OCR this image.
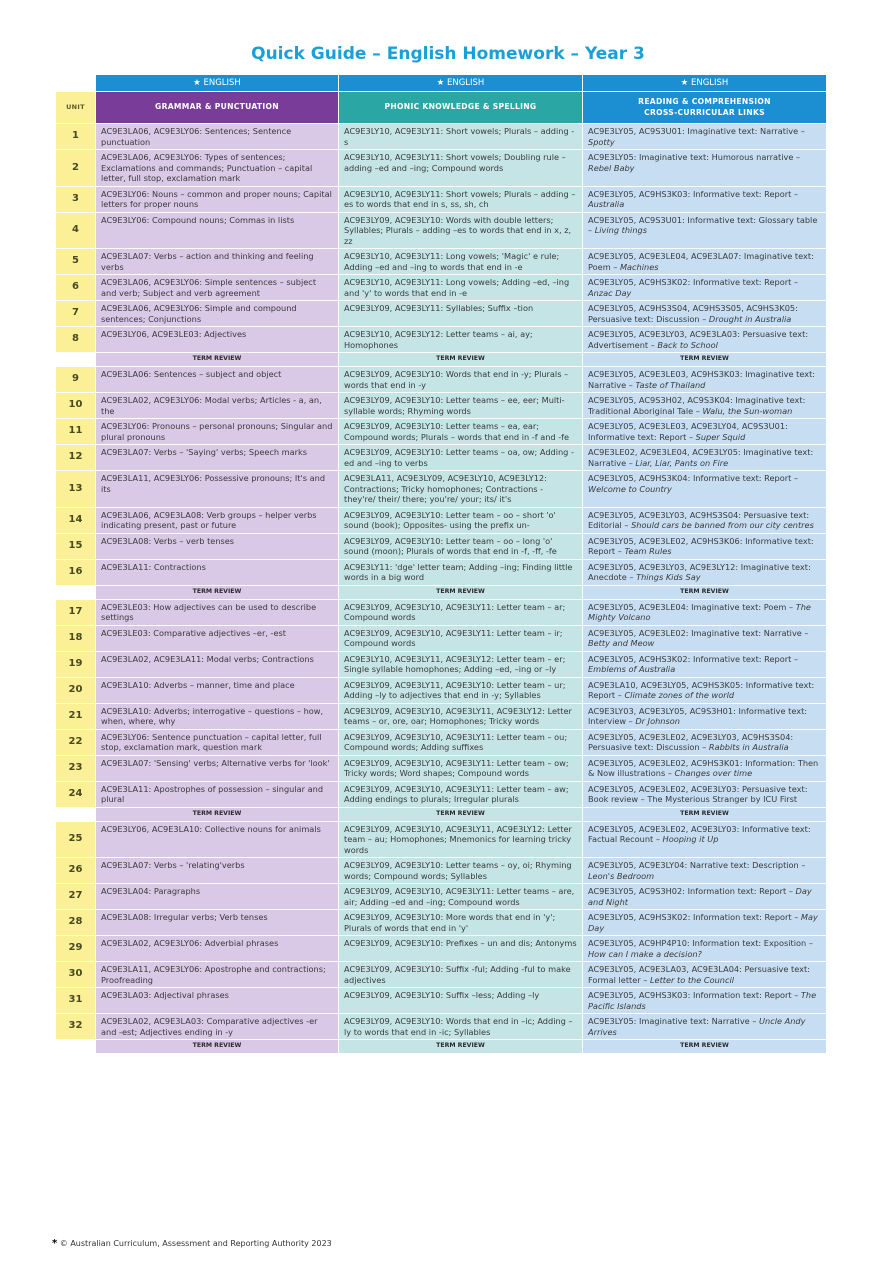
Quick Guide – English Homework – Year 3
	★ ENGLISH	★ ENGLISH	★ ENGLISH
UNIT	GRAMMAR & PUNCTUATION	PHONIC KNOWLEDGE & SPELLING	READING & COMPREHENSION
CROSS-CURRICULAR LINKS
1	AC9E3LA06, AC9E3LY06: Sentences; Sentence punctuation	AC9E3LY10, AC9E3LY11: Short vowels; Plurals – adding -s	AC9E3LY05, AC9S3U01: Imaginative text: Narrative – Spotty
2	AC9E3LA06, AC9E3LY06: Types of sentences; Exclamations and commands; Punctuation – capital letter, full stop, exclamation mark	AC9E3LY10, AC9E3LY11: Short vowels; Doubling rule – adding –ed and –ing; Compound words	AC9E3LY05: Imaginative text: Humorous narrative – Rebel Baby
3	AC9E3LY06: Nouns – common and proper nouns; Capital letters for proper nouns	AC9E3LY10, AC9E3LY11: Short vowels; Plurals – adding –es to words that end in s, ss, sh, ch	AC9E3LY05, AC9HS3K03: Informative text: Report – Australia
4	AC9E3LY06: Compound nouns; Commas in lists	AC9E3LY09, AC9E3LY10: Words with double letters; Syllables; Plurals – adding –es to words that end in x, z, zz	AC9E3LY05, AC9S3U01: Informative text: Glossary table – Living things
5	AC9E3LA07: Verbs – action and thinking and feeling verbs	AC9E3LY10, AC9E3LY11: Long vowels; 'Magic' e rule; Adding –ed and –ing to words that end in -e	AC9E3LY05, AC9E3LE04, AC9E3LA07: Imaginative text: Poem – Machines
6	AC9E3LA06, AC9E3LY06: Simple sentences – subject and verb; Subject and verb agreement	AC9E3LY10, AC9E3LY11: Long vowels; Adding –ed, –ing and 'y' to words that end in -e	AC9E3LY05, AC9HS3K02: Informative text: Report – Anzac Day
7	AC9E3LA06, AC9E3LY06: Simple and compound sentences; Conjunctions	AC9E3LY09, AC9E3LY11: Syllables; Suffix –tion	AC9E3LY05, AC9HS3S04, AC9HS3S05, AC9HS3K05: Persuasive text: Discussion – Drought in Australia
8	AC9E3LY06, AC9E3LE03: Adjectives	AC9E3LY10, AC9E3LY12: Letter teams – ai, ay; Homophones	AC9E3LY05, AC9E3LY03, AC9E3LA03: Persuasive text: Advertisement – Back to School
	TERM REVIEW	TERM REVIEW	TERM REVIEW
9	AC9E3LA06: Sentences – subject and object	AC9E3LY09, AC9E3LY10: Words that end in -y; Plurals –words that end in -y	AC9E3LY05, AC9E3LE03, AC9HS3K03: Imaginative text: Narrative – Taste of Thailand
10	AC9E3LA02, AC9E3LY06: Modal verbs; Articles - a, an, the	AC9E3LY09, AC9E3LY10: Letter teams – ee, eer; Multi-syllable words; Rhyming words	AC9E3LY05, AC9S3H02, AC9S3K04: Imaginative text: Traditional Aboriginal Tale – Walu, the Sun-woman
11	AC9E3LY06: Pronouns – personal pronouns; Singular and plural pronouns	AC9E3LY09, AC9E3LY10: Letter teams – ea, ear; Compound words; Plurals – words that end in -f and -fe	AC9E3LY05, AC9E3LE03, AC9E3LY04, AC9S3U01: Informative text: Report – Super Squid
12	AC9E3LA07: Verbs – 'Saying' verbs; Speech marks	AC9E3LY09, AC9E3LY10: Letter teams – oa, ow; Adding -ed and –ing to verbs	AC9E3LE02, AC9E3LE04, AC9E3LY05: Imaginative text: Narrative – Liar, Liar, Pants on Fire
13	AC9E3LA11, AC9E3LY06: Possessive pronouns; It's and its	AC9E3LA11, AC9E3LY09, AC9E3LY10, AC9E3LY12: Contractions; Tricky homophones; Contractions - they're/ their/ there; you're/ your; its/ it's	AC9E3LY05, AC9HS3K04: Informative text: Report – Welcome to Country
14	AC9E3LA06, AC9E3LA08: Verb groups – helper verbs indicating present, past or future	AC9E3LY09, AC9E3LY10: Letter team – oo – short 'o' sound (book); Opposites- using the prefix un-	AC9E3LY05, AC9E3LY03, AC9HS3S04: Persuasive text: Editorial – Should cars be banned from our city centres
15	AC9E3LA08: Verbs – verb tenses	AC9E3LY09, AC9E3LY10: Letter team – oo – long 'o' sound (moon); Plurals of words that end in -f, -ff, -fe	AC9E3LY05, AC9E3LE02, AC9HS3K06: Informative text: Report – Team Rules
16	AC9E3LA11: Contractions	AC9E3LY11: 'dge' letter team; Adding –ing; Finding little words in a big word	AC9E3LY05, AC9E3LY03, AC9E3LY12: Imaginative text: Anecdote – Things Kids Say
	TERM REVIEW	TERM REVIEW	TERM REVIEW
17	AC9E3LE03: How adjectives can be used to describe settings	AC9E3LY09, AC9E3LY10, AC9E3LY11: Letter team – ar; Compound words	AC9E3LY05, AC9E3LE04: Imaginative text: Poem – The Mighty Volcano
18	AC9E3LE03: Comparative adjectives –er, -est	AC9E3LY09, AC9E3LY10, AC9E3LY11: Letter team – ir; Compound words	AC9E3LY05, AC9E3LE02: Imaginative text: Narrative – Betty and Meow
19	AC9E3LA02, AC9E3LA11: Modal verbs; Contractions	AC9E3LY10, AC9E3LY11, AC9E3LY12: Letter team – er; Single syllable homophones; Adding –ed, –ing or –ly	AC9E3LY05, AC9HS3K02: Informative text: Report – Emblems of Australia
20	AC9E3LA10: Adverbs – manner, time and place	AC9E3LY09, AC9E3LY11, AC9E3LY10: Letter team – ur; Adding –ly to adjectives that end in -y; Syllables	AC9E3LA10, AC9E3LY05, AC9HS3K05: Informative text: Report – Climate zones of the world
21	AC9E3LA10: Adverbs; interrogative – questions – how, when, where, why	AC9E3LY09, AC9E3LY10, AC9E3LY11, AC9E3LY12: Letter teams – or, ore, oar; Homophones; Tricky words	AC9E3LY03, AC9E3LY05, AC9S3H01: Informative text: Interview – Dr Johnson
22	AC9E3LY06: Sentence punctuation – capital letter, full stop, exclamation mark, question mark	AC9E3LY09, AC9E3LY10, AC9E3LY11: Letter team – ou; Compound words; Adding suffixes	AC9E3LY05, AC9E3LE02, AC9E3LY03, AC9HS3S04: Persuasive text: Discussion – Rabbits in Australia
23	AC9E3LA07: 'Sensing' verbs; Alternative verbs for 'look'	AC9E3LY09, AC9E3LY10, AC9E3LY11: Letter team – ow; Tricky words; Word shapes; Compound words	AC9E3LY05, AC9E3LE02, AC9HS3K01: Information: Then & Now illustrations – Changes over time
24	AC9E3LA11: Apostrophes of possession – singular and plural	AC9E3LY09, AC9E3LY10, AC9E3LY11: Letter team – aw; Adding endings to plurals; Irregular plurals	AC9E3LY05, AC9E3LE02, AC9E3LY03: Persuasive text: Book review – The Mysterious Stranger by ICU First
	TERM REVIEW	TERM REVIEW	TERM REVIEW
25	AC9E3LY06, AC9E3LA10: Collective nouns for animals	AC9E3LY09, AC9E3LY10, AC9E3LY11, AC9E3LY12: Letter team – au; Homophones; Mnemonics for learning tricky words	AC9E3LY05, AC9E3LE02, AC9E3LY03: Informative text: Factual Recount – Hooping it Up
26	AC9E3LA07: Verbs – 'relating'verbs	AC9E3LY09, AC9E3LY10: Letter teams – oy, oi; Rhyming words; Compound words; Syllables	AC9E3LY05, AC9E3LY04: Narrative text: Description – Leon's Bedroom
27	AC9E3LA04: Paragraphs	AC9E3LY09, AC9E3LY10, AC9E3LY11: Letter teams – are, air; Adding –ed and –ing; Compound words	AC9E3LY05, AC9S3H02: Information text: Report – Day and Night
28	AC9E3LA08: Irregular verbs; Verb tenses	AC9E3LY09, AC9E3LY10: More words that end in 'y'; Plurals of words that end in 'y'	AC9E3LY05, AC9HS3K02: Information text: Report – May Day
29	AC9E3LA02, AC9E3LY06: Adverbial phrases	AC9E3LY09, AC9E3LY10: Prefixes – un and dis; Antonyms	AC9E3LY05, AC9HP4P10: Information text: Exposition – How can I make a decision?
30	AC9E3LA11, AC9E3LY06: Apostrophe and contractions; Proofreading	AC9E3LY09, AC9E3LY10: Suffix -ful; Adding -ful to make adjectives	AC9E3LY05, AC9E3LA03, AC9E3LA04: Persuasive text: Formal letter – Letter to the Council
31	AC9E3LA03: Adjectival phrases	AC9E3LY09, AC9E3LY10: Suffix –less; Adding –ly	AC9E3LY05, AC9HS3K03: Information text: Report – The Pacific Islands
32	AC9E3LA02, AC9E3LA03: Comparative adjectives -er and -est; Adjectives ending in -y	AC9E3LY09, AC9E3LY10: Words that end in –ic; Adding –ly to words that end in -ic; Syllables	AC9E3LY05: Imaginative text: Narrative – Uncle Andy Arrives
	TERM REVIEW	TERM REVIEW	TERM REVIEW
* © Australian Curriculum, Assessment and Reporting Authority 2023
